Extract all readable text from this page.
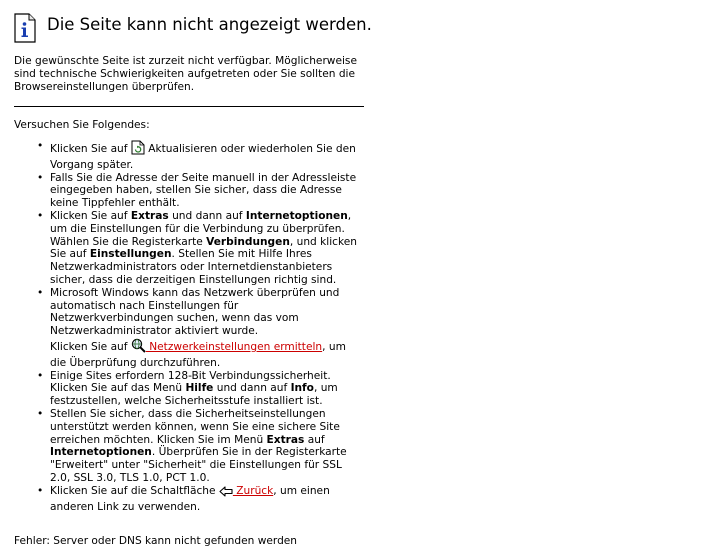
Die Seite kann nicht angezeigt werden.

Die gewünschte Seite ist zurzeit nicht verfügbar. Möglicherweise sind technische Schwierigkeiten aufgetreten oder Sie sollten die Browsereinstellungen überprüfen.

Versuchen Sie Folgendes:

• Klicken Sie auf  Aktualisieren oder wiederholen Sie den Vorgang später.
• Falls Sie die Adresse der Seite manuell in der Adressleiste eingegeben haben, stellen Sie sicher, dass die Adresse keine Tippfehler enthält.
• Klicken Sie auf Extras und dann auf Internetoptionen, um die Einstellungen für die Verbindung zu überprüfen. Wählen Sie die Registerkarte Verbindungen, und klicken Sie auf Einstellungen. Stellen Sie mit Hilfe Ihres Netzwerkadministrators oder Internetdienstanbieters sicher, dass die derzeitigen Einstellungen richtig sind.
• Microsoft Windows kann das Netzwerk überprüfen und automatisch nach Einstellungen für Netzwerkverbindungen suchen, wenn das vom Netzwerkadministrator aktiviert wurde.
Klicken Sie auf  Netzwerkeinstellungen ermitteln, um die Überprüfung durchzuführen.
• Einige Sites erfordern 128-Bit Verbindungssicherheit. Klicken Sie auf das Menü Hilfe und dann auf Info, um festzustellen, welche Sicherheitsstufe installiert ist.
• Stellen Sie sicher, dass die Sicherheitseinstellungen unterstützt werden können, wenn Sie eine sichere Site erreichen möchten. Klicken Sie im Menü Extras auf Internetoptionen. Überprüfen Sie in der Registerkarte "Erweitert" unter "Sicherheit" die Einstellungen für SSL 2.0, SSL 3.0, TLS 1.0, PCT 1.0.
• Klicken Sie auf die Schaltfläche  Zurück, um einen anderen Link zu verwenden.

Fehler: Server oder DNS kann nicht gefunden werden
